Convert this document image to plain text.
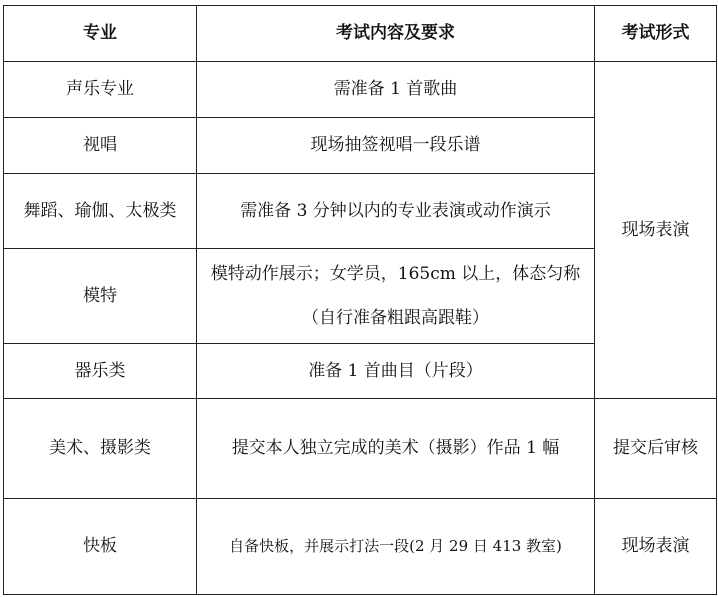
专业	考试内容及要求	考试形式
声乐专业	需准备 1 首歌曲	现场表演
视唱	现场抽签视唱一段乐谱	
舞蹈、瑜伽、太极类	需准备 3 分钟以内的专业表演或动作演示	
模特	模特动作展示；女学员，165cm 以上，体态匀称（自行准备粗跟高跟鞋）	
器乐类	准备 1 首曲目（片段）	
美术、摄影类	提交本人独立完成的美术（摄影）作品 1 幅	提交后审核
快板	自备快板，并展示打法一段(2 月 29 日 413 教室)	现场表演
